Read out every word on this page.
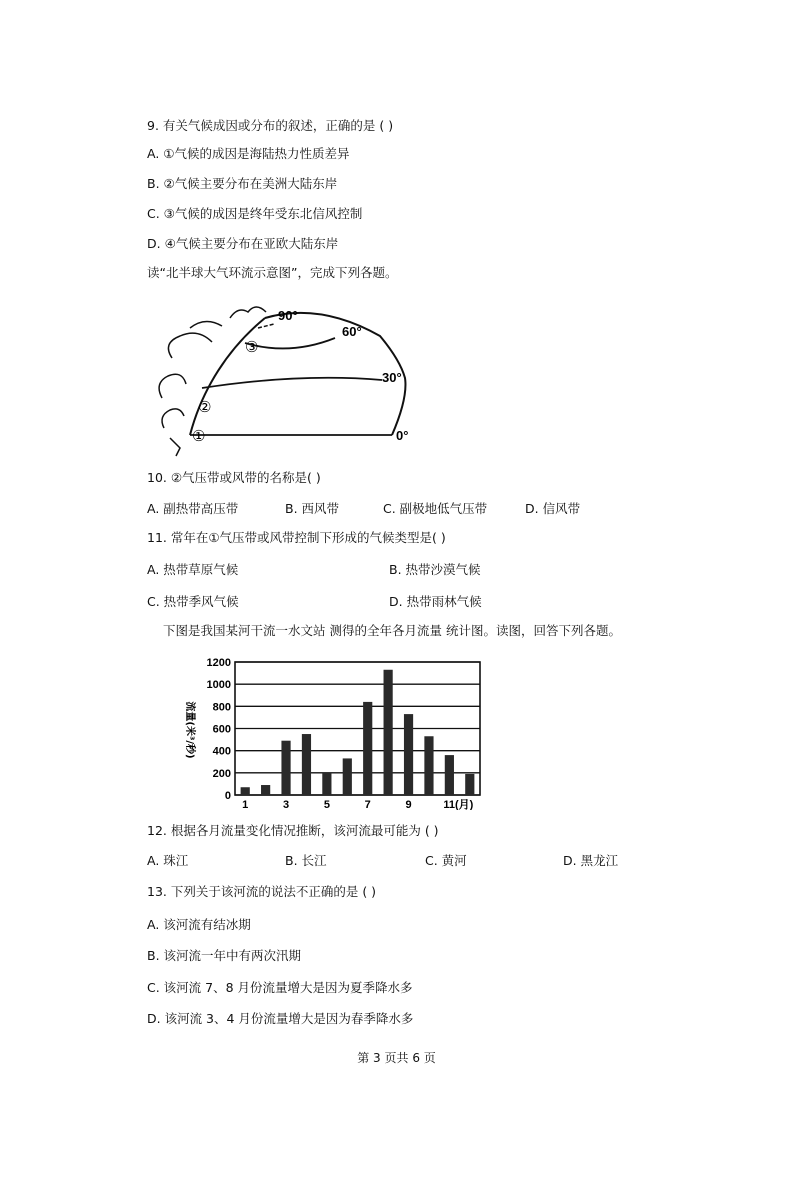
9. 有关气候成因或分布的叙述，正确的是 ( )
A. ①气候的成因是海陆热力性质差异
B. ②气候主要分布在美洲大陆东岸
C. ③气候的成因是终年受东北信风控制
D. ④气候主要分布在亚欧大陆东岸
读“北半球大气环流示意图”，完成下列各题。
90°
60°
30°
0°
①
②
③
10. ②气压带或风带的名称是( )
A. 副热带高压带	B. 西风带	C. 副极地低气压带	D. 信风带
11. 常年在①气压带或风带控制下形成的气候类型是( )
A. 热带草原气候	B. 热带沙漠气候
C. 热带季风气候	D. 热带雨林气候
下图是我国某河干流一水文站 测得的全年各月流量 统计图。读图，回答下列各题。
0
200
400
600
800
1000
1200
1	3	5	7	9	11(月)
流量(米³/秒)
12. 根据各月流量变化情况推断，该河流最可能为 ( )
A. 珠江	B. 长江	C. 黄河	D. 黑龙江
13. 下列关于该河流的说法不正确的是 ( )
A. 该河流有结冰期
B. 该河流一年中有两次汛期
C. 该河流 7、8 月份流量增大是因为夏季降水多
D. 该河流 3、4 月份流量增大是因为春季降水多
第 3 页共 6 页
